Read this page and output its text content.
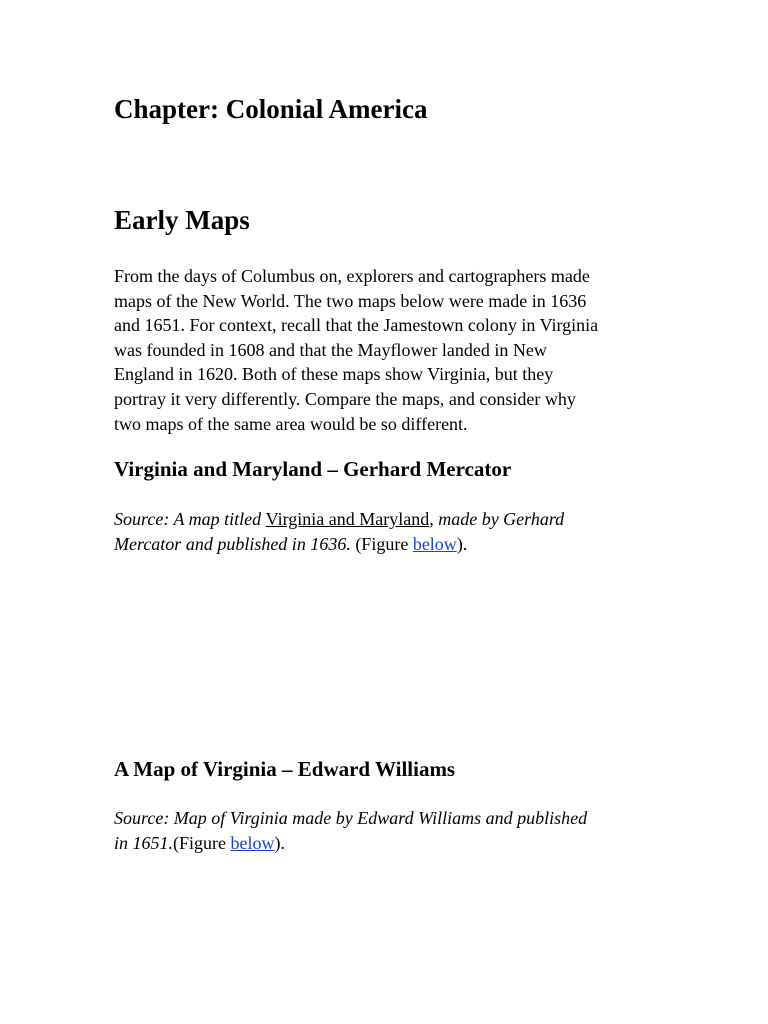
Chapter: Colonial America
Early Maps

From the days of Columbus on, explorers and cartographers made
maps of the New World. The two maps below were made in 1636
and 1651. For context, recall that the Jamestown colony in Virginia
was founded in 1608 and that the Mayflower landed in New
England in 1620. Both of these maps show Virginia, but they
portray it very differently. Compare the maps, and consider why
two maps of the same area would be so different.

Virginia and Maryland – Gerhard Mercator

Source: A map titled Virginia and Maryland, made by Gerhard
Mercator and published in 1636. (Figure below).

A Map of Virginia – Edward Williams

Source: Map of Virginia made by Edward Williams and published
in 1651.(Figure below).
